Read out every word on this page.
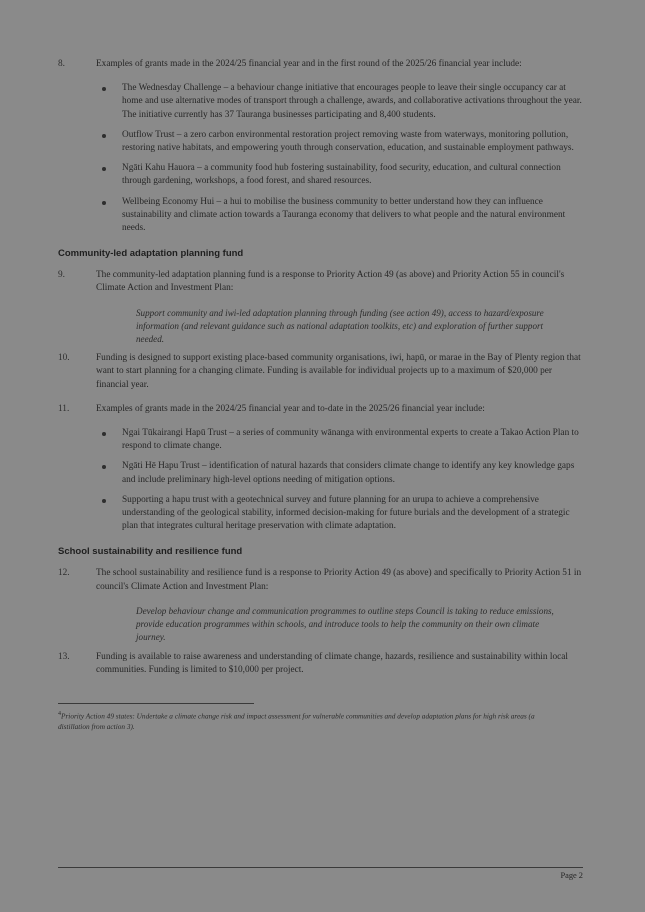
8.	Examples of grants made in the 2024/25 financial year and in the first round of the 2025/26 financial year include:
The Wednesday Challenge – a behaviour change initiative that encourages people to leave their single occupancy car at home and use alternative modes of transport through a challenge, awards, and collaborative activations throughout the year. The initiative currently has 37 Tauranga businesses participating and 8,400 students.
Outflow Trust – a zero carbon environmental restoration project removing waste from waterways, monitoring pollution, restoring native habitats, and empowering youth through conservation, education, and sustainable employment pathways.
Ngāti Kahu Hauora – a community food hub fostering sustainability, food security, education, and cultural connection through gardening, workshops, a food forest, and shared resources.
Wellbeing Economy Hui – a hui to mobilise the business community to better understand how they can influence sustainability and climate action towards a Tauranga economy that delivers to what people and the natural environment needs.
Community-led adaptation planning fund
9.	The community-led adaptation planning fund is a response to Priority Action 49 (as above) and Priority Action 55 in council's Climate Action and Investment Plan:
Support community and iwi-led adaptation planning through funding (see action 49), access to hazard/exposure information (and relevant guidance such as national adaptation toolkits, etc) and exploration of further support needed.
10.	Funding is designed to support existing place-based community organisations, iwi, hapū, or marae in the Bay of Plenty region that want to start planning for a changing climate. Funding is available for individual projects up to a maximum of $20,000 per financial year.
11.	Examples of grants made in the 2024/25 financial year and to-date in the 2025/26 financial year include:
Ngai Tūkairangi Hapū Trust – a series of community wānanga with environmental experts to create a Takao Action Plan to respond to climate change.
Ngāti Hē Hapu Trust – identification of natural hazards that considers climate change to identify any key knowledge gaps and include preliminary high-level options needing of mitigation options.
Supporting a hapu trust with a geotechnical survey and future planning for an urupa to achieve a comprehensive understanding of the geological stability, informed decision-making for future burials and the development of a strategic plan that integrates cultural heritage preservation with climate adaptation.
School sustainability and resilience fund
12.	The school sustainability and resilience fund is a response to Priority Action 49 (as above) and specifically to Priority Action 51 in council's Climate Action and Investment Plan:
Develop behaviour change and communication programmes to outline steps Council is taking to reduce emissions, provide education programmes within schools, and introduce tools to help the community on their own climate journey.
13.	Funding is available to raise awareness and understanding of climate change, hazards, resilience and sustainability within local communities. Funding is limited to $10,000 per project.
$^4$Priority Action 49 states: Undertake a climate change risk and impact assessment for vulnerable communities and develop adaptation plans for high risk areas (a distillation from action 3).
Page 2
